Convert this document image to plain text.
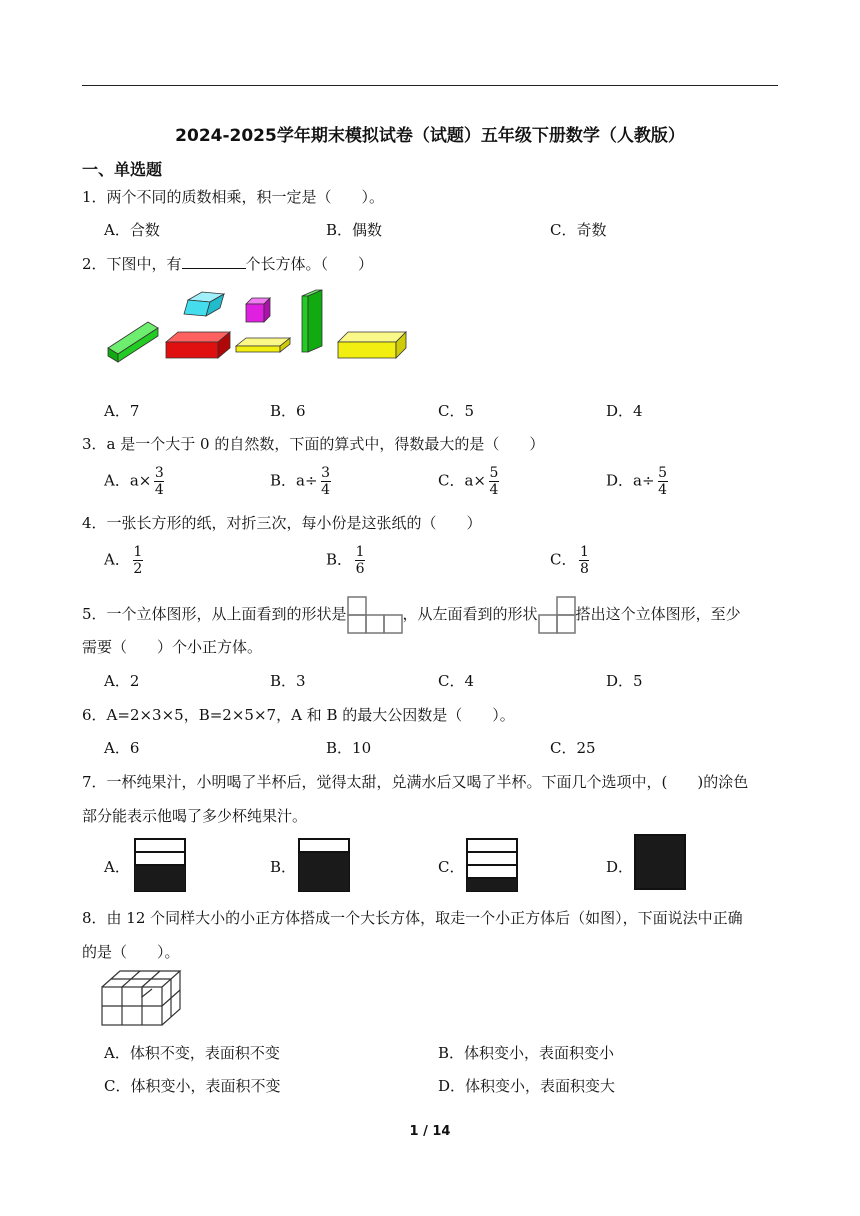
2024-2025学年期末模拟试卷（试题）五年级下册数学（人教版）
一、单选题
1．两个不同的质数相乘，积一定是（　　）。
A．合数	B．偶数	C．奇数
2．下图中，有	个长方体。（　　）
A．7	B．6	C．5	D．4
3．a 是一个大于 0 的自然数，下面的算式中，得数最大的是（　　）
A．$a\times \frac{3}{4}$	B．$a\div \frac{3}{4}$	C．$a\times \frac{5}{4}$	D．$a\div \frac{5}{4}$
4．一张长方形的纸，对折三次，每小份是这张纸的（　　）
A． $\frac{1}{2}$	B． $\frac{1}{6}$	C． $\frac{1}{8}$
5．一个立体图形，从上面看到的形状是	，从左面看到的形状	搭出这个立体图形，至少
需要（　　）个小正方体。
A．2	B．3	C．4	D．5
6．A=2×3×5，B=2×5×7，A 和 B 的最大公因数是（　　）。
A．6	B．10	C．25
7．一杯纯果汁，小明喝了半杯后，觉得太甜，兑满水后又喝了半杯。下面几个选项中，(　　)的涂色
部分能表示他喝了多少杯纯果汁。
A．	B．	C．	D．
8．由 12 个同样大小的小正方体搭成一个大长方体，取走一个小正方体后（如图），下面说法中正确
的是（　　）。
A．体积不变，表面积不变	B．体积变小，表面积变小
C．体积变小，表面积不变	D．体积变小，表面积变大
1 / 14
